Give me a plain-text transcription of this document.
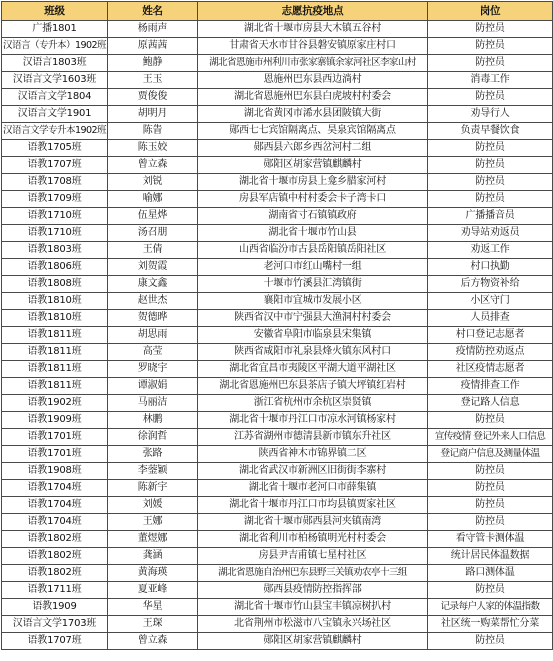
班级	姓名	志愿抗疫地点	岗位
广播1801	杨雨声	湖北省十堰市房县大木镇五谷村	防控员
汉语言（专升本）1902班	原茜茜	甘肃省天水市甘谷县磐安镇原家庄村口	防控员
汉语言1803班	鲍静	湖北省恩施市州利川市张家寨镇余家河社区李家山村	防控员
汉语言文学1603班	王玉	恩施州巴东县西边淌村	消毒工作
汉语言文学1804	贾俊俊	湖北省恩施州巴东县白虎坡村村委会	防控员
汉语言文学1901	胡明月	湖北省黄冈市浠水县团陂镇大街	劝导行人
汉语言文学专升本1902班	陈眚	郧西七七宾馆隔离点、昊泉宾馆隔离点	负责早餐饮食
语教1705班	陈玉姣	郧西县六郎乡西岔河村二组	防控员
语教1707班	曾立森	郧阳区胡家营镇麒麟村	防控员
语教1708班	刘锐	湖北省十堰市房县上龛乡腊家河村	防控员
语教1709班	喻娜	房县军店镇中村村委会卡子湾卡口	防控员
语教1710班	伍星烨	湖南省寸石镇镇政府	广播播音员
语教1710班	汤召朋	湖北省十堰市竹山县	劝导站劝返员
语教1803班	王倩	山西省临汾市古县岳阳镇岳阳社区	劝返工作
语教1806班	刘贺霞	老河口市红山嘴村一组	村口执勤
语教1808班	康文鑫	十堰市竹溪县汇湾镇街	后方物资补给
语教1810班	赵世杰	襄阳市宜城市发展小区	小区守门
语教1810班	贺德晔	陕西省汉中市宁强县大渔洞村村委会	人员排查
语教1811班	胡思雨	安徽省阜阳市临泉县宋集镇	村口登记志愿者
语教1811班	高莹	陕西省咸阳市礼泉县烽火镇东风村口	疫情防控劝返点
语教1811班	罗晓宇	湖北省宜昌市夷陵区平湖大道平湖社区	社区疫情志愿者
语教1811班	谭淑娟	湖北省恩施州巴东县茶店子镇大坪镇红岩村	疫情排查工作
语教1902班	马丽洁	浙江省杭州市余杭区崇贤镇	登记路人信息
语教1909班	林鹏	湖北省十堰市丹江口市凉水河镇杨家村	防控员
语教1701班	徐润哲	江苏省湖州市德清县新市镇东升社区	宣传疫情 登记外来人口信息
语教1701班	张路	陕西省神木市锦界镇二区	登记商户信息及测量体温
语教1908班	李蓥颖	湖北省武汉市新洲区旧街街李寨村	防控员
语教1704班	陈新宇	湖北省十堰市老河口市薛集镇	防控员
语教1704班	刘媛	湖北省十堰市丹江口市均县镇贾家社区	防控员
语教1704班	王娜	湖北省十堰市郧西县河夹镇南湾	防控员
语教1802班	董煜娜	湖北省利川市柏杨镇明光村村委会	看守管卡测体温
语教1802班	龚涵	房县尹吉甫镇七星村社区	统计居民体温数据
语教1802班	黄海瑛	湖北省恩施自治州巴东县野三关镇劝农亭十三组	路口测体温
语教1711班	夏亚峰	郧西县疫情防控指挥部	防控员
语教1909	华星	湖北省十堰市竹山县宝丰镇凉树扒村	记录每户人家的体温指数
汉语言文学1703班	王琛	北省荆州市松滋市八宝镇永兴场社区	社区统一购菜帮忙分菜
语教1707班	曾立森	郧阳区胡家营镇麒麟村	防控员
